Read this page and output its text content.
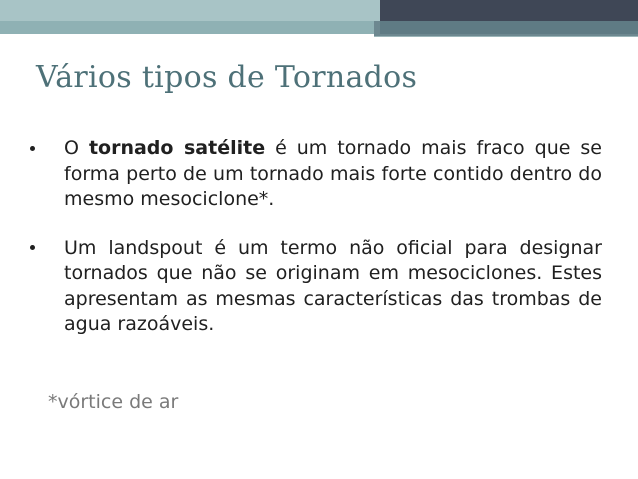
Vários tipos de Tornados

O tornado satélite é um tornado mais fraco que se forma perto de um tornado mais forte contido dentro do mesmo mesociclone*.

Um landspout é um termo não oficial para designar tornados que não se originam em mesociclones. Estes apresentam as mesmas características das trombas de agua razoáveis.

*vórtice de ar
